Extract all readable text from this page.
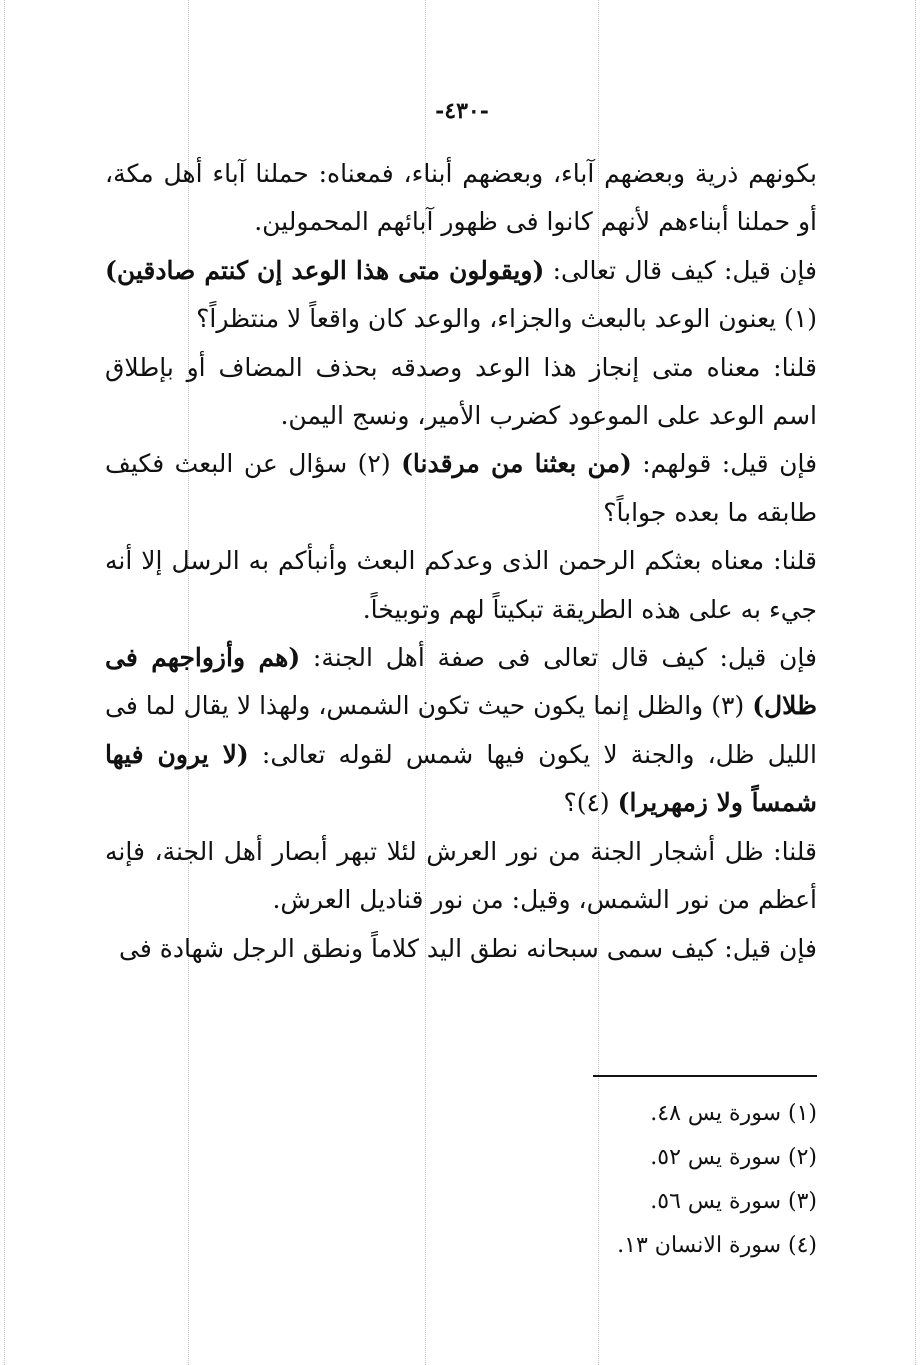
-٤٣٠-

بكونهم ذرية وبعضهم آباء، وبعضهم أبناء، فمعناه: حملنا آباء أهل مكة، أو حملنا أبناءهم لأنهم كانوا فى ظهور آبائهم المحمولين.

فإن قيل: كيف قال تعالى: (ويقولون متى هذا الوعد إن كنتم صادقين) (١) يعنون الوعد بالبعث والجزاء، والوعد كان واقعاً لا منتظراً؟

قلنا: معناه متى إنجاز هذا الوعد وصدقه بحذف المضاف أو بإطلاق اسم الوعد على الموعود كضرب الأمير، ونسج اليمن.

فإن قيل: قولهم: (من بعثنا من مرقدنا) (٢) سؤال عن البعث فكيف طابقه ما بعده جواباً؟

قلنا: معناه بعثكم الرحمن الذى وعدكم البعث وأنبأكم به الرسل إلا أنه جيء به على هذه الطريقة تبكيتاً لهم وتوبيخاً.

فإن قيل: كيف قال تعالى فى صفة أهل الجنة: (هم وأزواجهم فى ظلال) (٣) والظل إنما يكون حيث تكون الشمس، ولهذا لا يقال لما فى الليل ظل، والجنة لا يكون فيها شمس لقوله تعالى: (لا يرون فيها شمساً ولا زمهريرا) (٤)؟

قلنا: ظل أشجار الجنة من نور العرش لئلا تبهر أبصار أهل الجنة، فإنه أعظم من نور الشمس، وقيل: من نور قناديل العرش.

فإن قيل: كيف سمى سبحانه نطق اليد كلاماً ونطق الرجل شهادة فى

(١) سورة يس ٤٨.
(٢) سورة يس ٥٢.
(٣) سورة يس ٥٦.
(٤) سورة الانسان ١٣.
